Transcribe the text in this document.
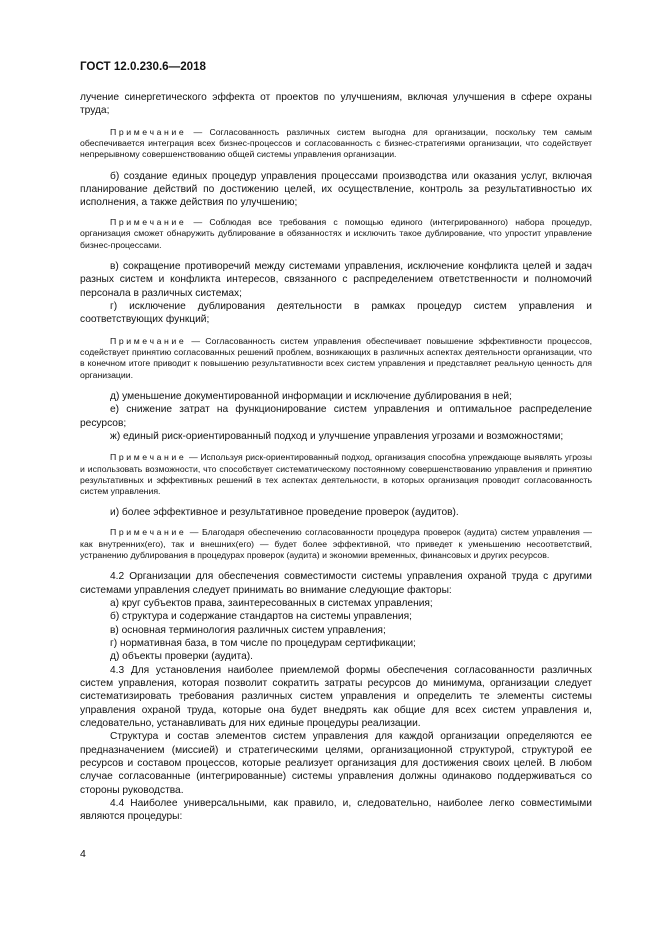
ГОСТ 12.0.230.6—2018

лучение синергетического эффекта от проектов по улучшениям, включая улучшения в сфере охраны труда;

Примечание — Согласованность различных систем выгодна для организации, поскольку тем самым обеспечивается интеграция всех бизнес-процессов и согласованность с бизнес-стратегиями организации, что содействует непрерывному совершенствованию общей системы управления организации.

б) создание единых процедур управления процессами производства или оказания услуг, включая планирование действий по достижению целей, их осуществление, контроль за результативностью их исполнения, а также действия по улучшению;

Примечание — Соблюдая все требования с помощью единого (интегрированного) набора процедур, организация сможет обнаружить дублирование в обязанностях и исключить такое дублирование, что упростит управление бизнес-процессами.

в) сокращение противоречий между системами управления, исключение конфликта целей и задач разных систем и конфликта интересов, связанного с распределением ответственности и полномочий персонала в различных системах;

г) исключение дублирования деятельности в рамках процедур систем управления и соответствующих функций;

Примечание — Согласованность систем управления обеспечивает повышение эффективности процессов, содействует принятию согласованных решений проблем, возникающих в различных аспектах деятельности организации, что в конечном итоге приводит к повышению результативности всех систем управления и представляет реальную ценность для организации.

д) уменьшение документированной информации и исключение дублирования в ней;

е) снижение затрат на функционирование систем управления и оптимальное распределение ресурсов;

ж) единый риск-ориентированный подход и улучшение управления угрозами и возможностями;

Примечание — Используя риск-ориентированный подход, организация способна упреждающе выявлять угрозы и использовать возможности, что способствует систематическому постоянному совершенствованию управления и принятию результативных и эффективных решений в тех аспектах деятельности, в которых организация проводит согласованность систем управления.

и) более эффективное и результативное проведение проверок (аудитов).

Примечание — Благодаря обеспечению согласованности процедура проверок (аудита) систем управления — как внутренних(его), так и внешних(его) — будет более эффективной, что приведет к уменьшению несоответствий, устранению дублирования в процедурах проверок (аудита) и экономии временных, финансовых и других ресурсов.

4.2 Организации для обеспечения совместимости системы управления охраной труда с другими системами управления следует принимать во внимание следующие факторы:

а) круг субъектов права, заинтересованных в системах управления;

б) структура и содержание стандартов на системы управления;

в) основная терминология различных систем управления;

г) нормативная база, в том числе по процедурам сертификации;

д) объекты проверки (аудита).

4.3 Для установления наиболее приемлемой формы обеспечения согласованности различных систем управления, которая позволит сократить затраты ресурсов до минимума, организации следует систематизировать требования различных систем управления и определить те элементы системы управления охраной труда, которые она будет внедрять как общие для всех систем управления и, следовательно, устанавливать для них единые процедуры реализации.

Структура и состав элементов систем управления для каждой организации определяются ее предназначением (миссией) и стратегическими целями, организационной структурой, структурой ее ресурсов и составом процессов, которые реализует организация для достижения своих целей. В любом случае согласованные (интегрированные) системы управления должны одинаково поддерживаться со стороны руководства.

4.4 Наиболее универсальными, как правило, и, следовательно, наиболее легко совместимыми являются процедуры:

4
